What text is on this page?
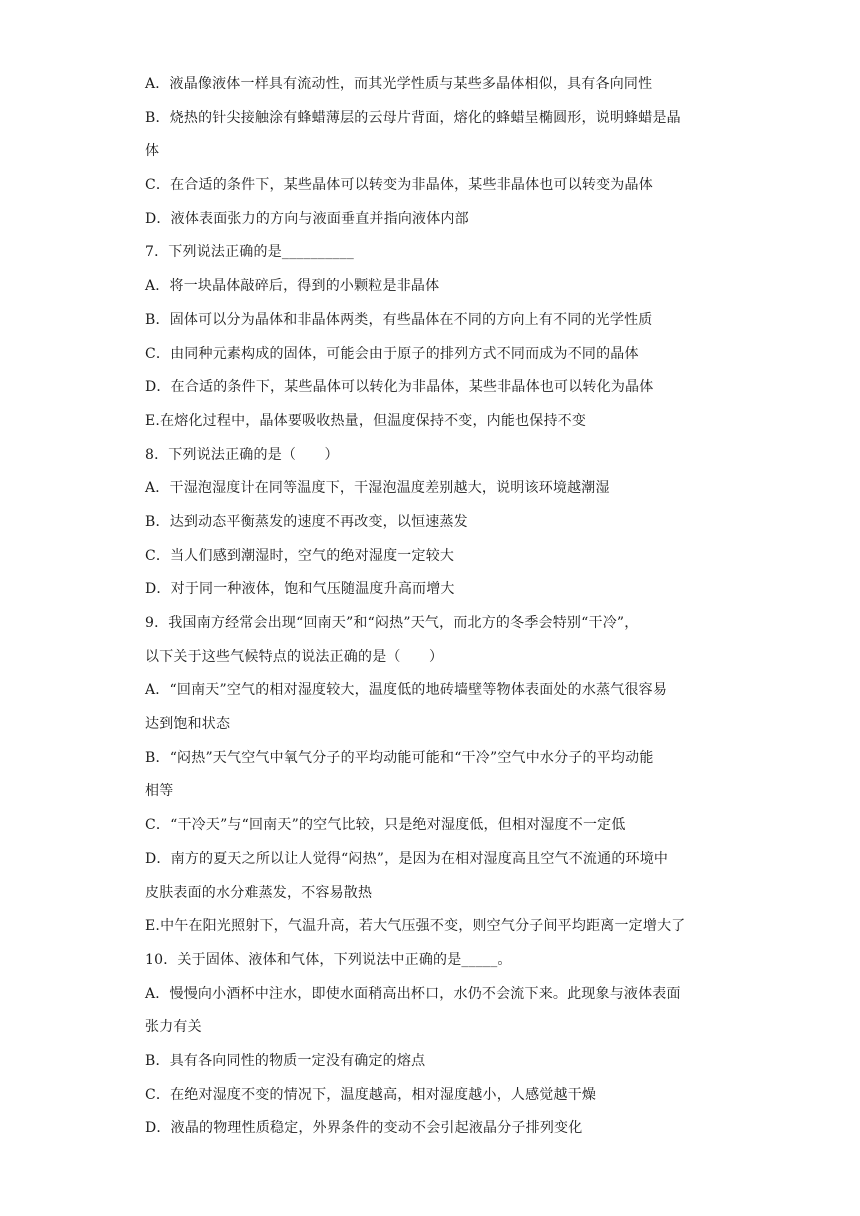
A．液晶像液体一样具有流动性，而其光学性质与某些多晶体相似，具有各向同性
B．烧热的针尖接触涂有蜂蜡薄层的云母片背面，熔化的蜂蜡呈椭圆形，说明蜂蜡是晶
体
C．在合适的条件下，某些晶体可以转变为非晶体，某些非晶体也可以转变为晶体
D．液体表面张力的方向与液面垂直并指向液体内部
7．下列说法正确的是__________
A．将一块晶体敲碎后，得到的小颗粒是非晶体
B．固体可以分为晶体和非晶体两类，有些晶体在不同的方向上有不同的光学性质
C．由同种元素构成的固体，可能会由于原子的排列方式不同而成为不同的晶体
D．在合适的条件下，某些晶体可以转化为非晶体，某些非晶体也可以转化为晶体
E.在熔化过程中，晶体要吸收热量，但温度保持不变，内能也保持不变
8．下列说法正确的是（　　）
A．干湿泡湿度计在同等温度下，干湿泡温度差别越大，说明该环境越潮湿
B．达到动态平衡蒸发的速度不再改变，以恒速蒸发
C．当人们感到潮湿时，空气的绝对湿度一定较大
D．对于同一种液体，饱和气压随温度升高而增大
9．我国南方经常会出现“回南天”和“闷热”天气，而北方的冬季会特别“干冷”，
以下关于这些气候特点的说法正确的是（　　）
A．“回南天”空气的相对湿度较大，温度低的地砖墙壁等物体表面处的水蒸气很容易
达到饱和状态
B．“闷热”天气空气中氧气分子的平均动能可能和“干冷”空气中水分子的平均动能
相等
C．“干冷天”与“回南天”的空气比较，只是绝对湿度低，但相对湿度不一定低
D．南方的夏天之所以让人觉得“闷热”，是因为在相对湿度高且空气不流通的环境中
皮肤表面的水分难蒸发，不容易散热
E.中午在阳光照射下，气温升高，若大气压强不变，则空气分子间平均距离一定增大了
10．关于固体、液体和气体，下列说法中正确的是_____。
A．慢慢向小酒杯中注水，即使水面稍高出杯口，水仍不会流下来。此现象与液体表面
张力有关
B．具有各向同性的物质一定没有确定的熔点
C．在绝对湿度不变的情况下，温度越高，相对湿度越小，人感觉越干燥
D．液晶的物理性质稳定，外界条件的变动不会引起液晶分子排列变化
